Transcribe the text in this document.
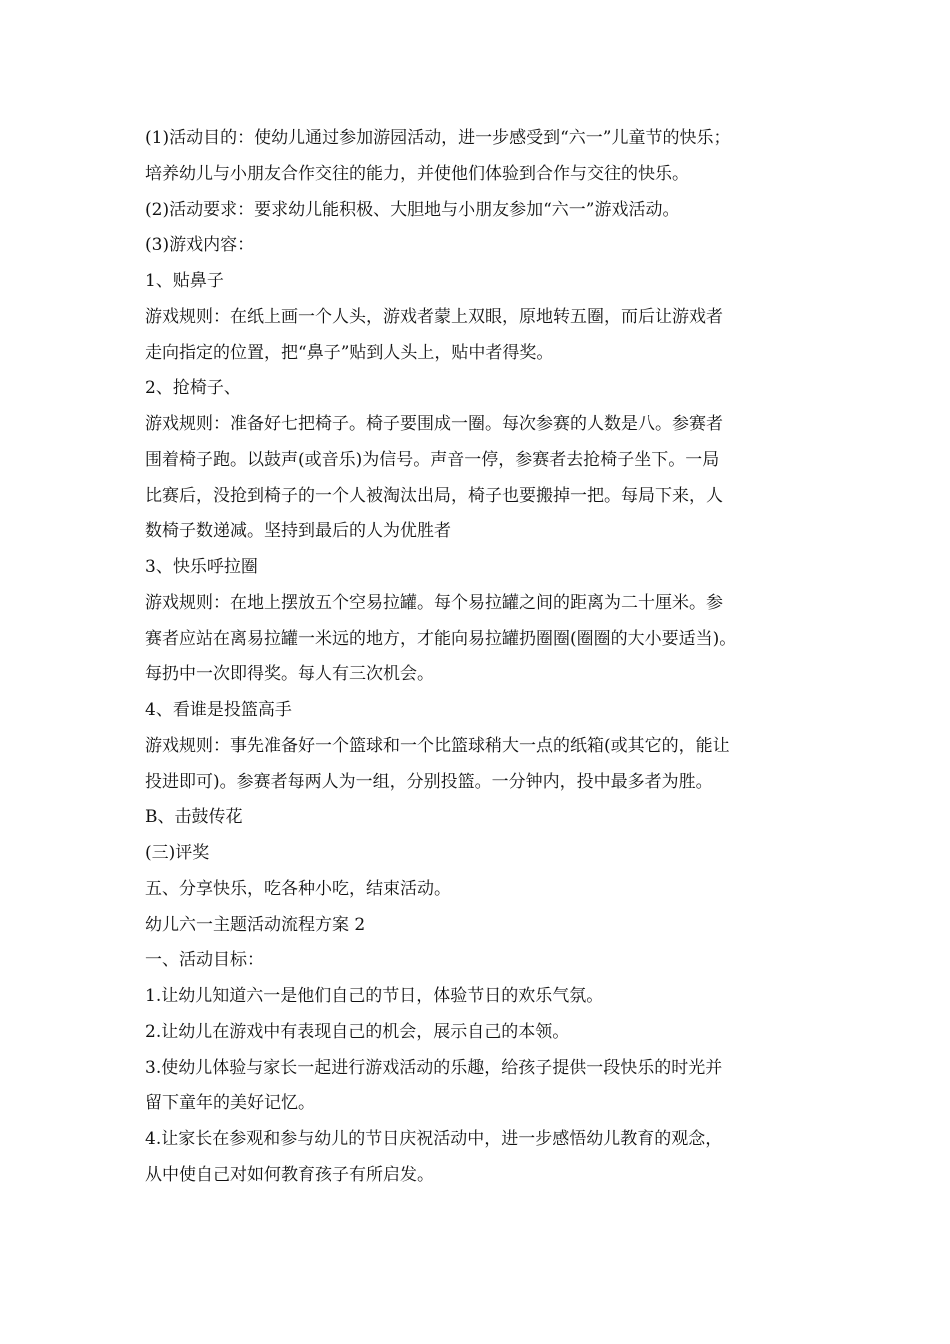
(1)活动目的：使幼儿通过参加游园活动，进一步感受到“六一”儿童节的快乐；
培养幼儿与小朋友合作交往的能力，并使他们体验到合作与交往的快乐。
(2)活动要求：要求幼儿能积极、大胆地与小朋友参加“六一”游戏活动。
(3)游戏内容：
1、贴鼻子
游戏规则：在纸上画一个人头，游戏者蒙上双眼，原地转五圈，而后让游戏者
走向指定的位置，把“鼻子”贴到人头上，贴中者得奖。
2、抢椅子、
游戏规则：准备好七把椅子。椅子要围成一圈。每次参赛的人数是八。参赛者
围着椅子跑。以鼓声(或音乐)为信号。声音一停，参赛者去抢椅子坐下。一局
比赛后，没抢到椅子的一个人被淘汰出局，椅子也要搬掉一把。每局下来，人
数椅子数递减。坚持到最后的人为优胜者
3、快乐呼拉圈
游戏规则：在地上摆放五个空易拉罐。每个易拉罐之间的距离为二十厘米。参
赛者应站在离易拉罐一米远的地方，才能向易拉罐扔圈圈(圈圈的大小要适当)。
每扔中一次即得奖。每人有三次机会。
4、看谁是投篮高手
游戏规则：事先准备好一个篮球和一个比篮球稍大一点的纸箱(或其它的，能让
投进即可)。参赛者每两人为一组，分别投篮。一分钟内，投中最多者为胜。
B、击鼓传花
(三)评奖
五、分享快乐，吃各种小吃，结束活动。
幼儿六一主题活动流程方案 2
一、活动目标：
1.让幼儿知道六一是他们自己的节日，体验节日的欢乐气氛。
2.让幼儿在游戏中有表现自己的机会，展示自己的本领。
3.使幼儿体验与家长一起进行游戏活动的乐趣，给孩子提供一段快乐的时光并
留下童年的美好记忆。
4.让家长在参观和参与幼儿的节日庆祝活动中，进一步感悟幼儿教育的观念，
从中使自己对如何教育孩子有所启发。
